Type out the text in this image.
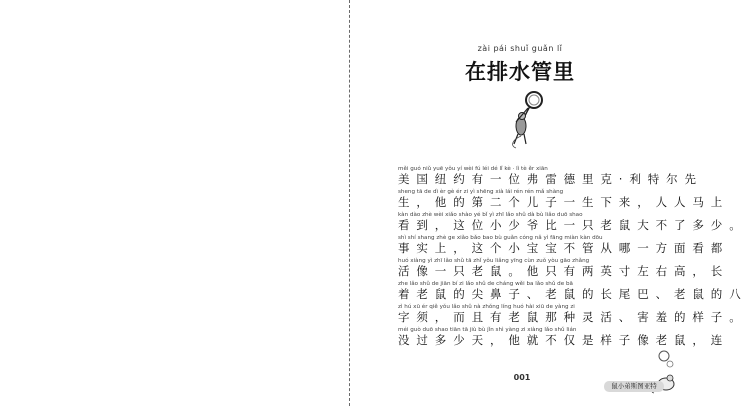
zài pái shuǐ guǎn lǐ
在排水管里
měi guó niǔ yuē yǒu yí wèi fú léi dé lǐ kè · lì tè ěr xiān
美国纽约有一位弗雷德里克·利特尔先
sheng tā de dì èr gè ér zi yì shēng xià lái rén rén mǎ shàng
生，他的第二个儿子一生下来，人人马上
kàn dào zhè wèi xiǎo shào yé bǐ yì zhī lǎo shǔ dà bù liǎo duō shao
看到，这位小少爷比一只老鼠大不了多少。
shì shí shang zhè ge xiǎo bǎo bao bù guǎn cóng nǎ yì fāng miàn kàn dōu
事实上，这个小宝宝不管从哪一方面看都
huó xiàng yì zhī lǎo shǔ tā zhǐ yǒu liǎng yīng cùn zuǒ yòu gāo zhǎng
活像一只老鼠。他只有两英寸左右高，长
zhe lǎo shǔ de jiān bí zi lǎo shǔ de cháng wěi ba lǎo shǔ de bā
着老鼠的尖鼻子、老鼠的长尾巴、老鼠的八
zì hú xū ér qiě yǒu lǎo shǔ nà zhǒng líng huó hài xiū de yàng zi
字须，而且有老鼠那种灵活、害羞的样子。
méi guò duō shao tiān tā jiù bù jǐn shì yàng zi xiàng lǎo shǔ lián
没过多少天，他就不仅是样子像老鼠，连
001
鼠小弟斯图亚特
